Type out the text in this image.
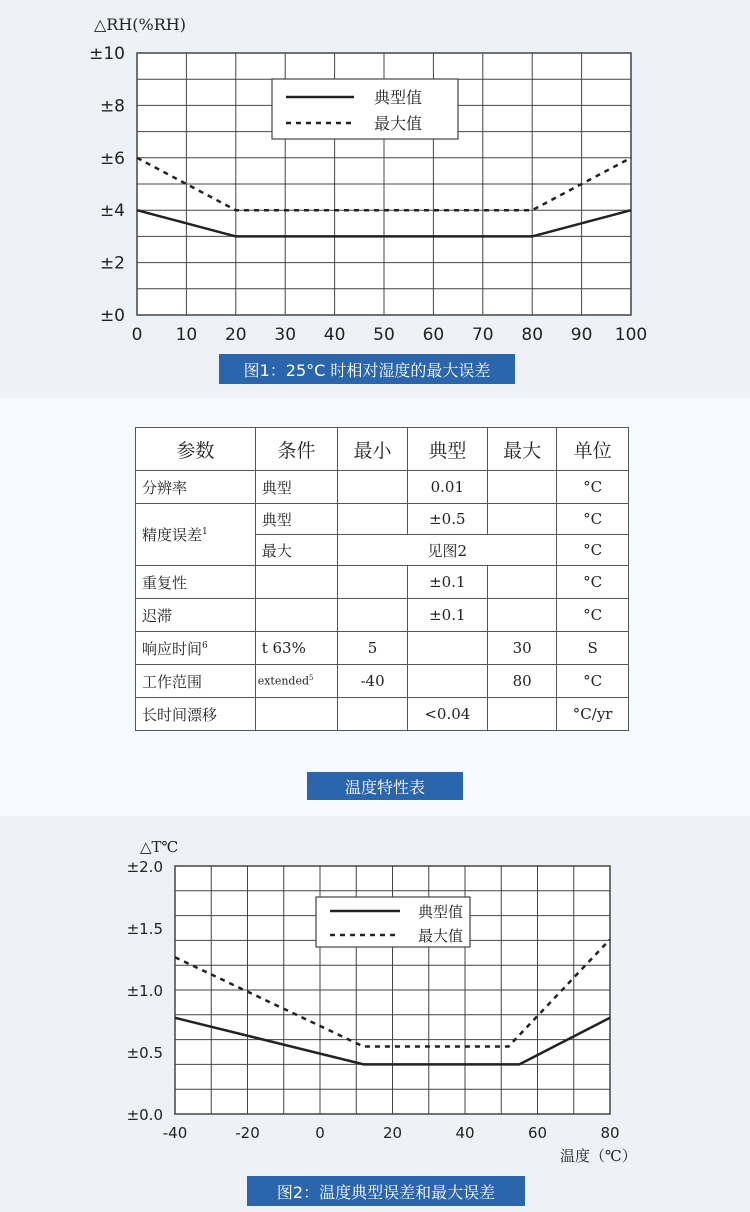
0 10 20 30 40 50 60 70 80 90 100
±0
±2
±4
±6
±8
±10
△RH(%RH)
典型值
最大值
-40	-20	0	20	40	60	80
±0.0
±0.5
±1.0
±1.5
±2.0
△T℃
温度（℃）
典型值
最大值
图1：25°C 时相对湿度的最大误差
温度特性表
图2：温度典型误差和最大误差
参数	条件	最小	典型	最大	单位
分辨率	典型		0.01		°C
精度误差$^1$	典型		±0.5		°C
	最大	见图2			°C
重复性			±0.1		°C
迟滞			±0.1		°C
响应时间$^6$	t 63%	5		30	S
工作范围	extended$^5$	-40		80	°C
长时间漂移			<0.04		°C/yr
